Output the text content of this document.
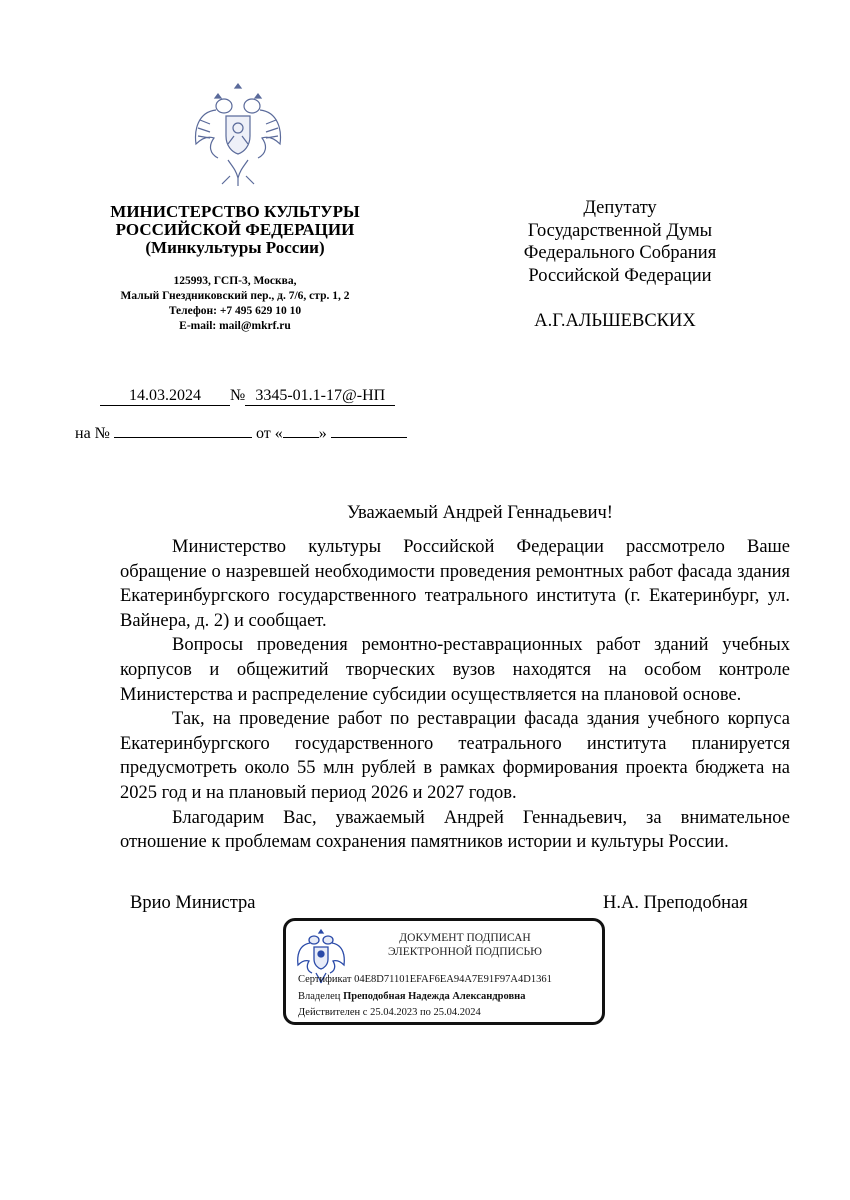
МИНИСТЕРСТВО КУЛЬТУРЫ
РОССИЙСКОЙ ФЕДЕРАЦИИ
(Минкультуры России)
125993, ГСП-3, Москва,
Малый Гнездниковский пер., д. 7/6, стр. 1, 2
Телефон: +7 495 629 10 10
E-mail: mail@mkrf.ru
Депутату
Государственной Думы
Федерального Собрания
Российской Федерации
А.Г.АЛЬШЕВСКИХ
14.03.2024 № 3345-01.1-17@-НП
на №	от « »
Уважаемый Андрей Геннадьевич!

Министерство культуры Российской Федерации рассмотрело Ваше обращение о назревшей необходимости проведения ремонтных работ фасада здания Екатеринбургского государственного театрального института (г. Екатеринбург, ул. Вайнера, д. 2) и сообщает.

Вопросы проведения ремонтно-реставрационных работ зданий учебных корпусов и общежитий творческих вузов находятся на особом контроле Министерства и распределение субсидии осуществляется на плановой основе.

Так, на проведение работ по реставрации фасада здания учебного корпуса Екатеринбургского государственного театрального института планируется предусмотреть около 55 млн рублей в рамках формирования проекта бюджета на 2025 год и на плановый период 2026 и 2027 годов.

Благодарим Вас, уважаемый Андрей Геннадьевич, за внимательное отношение к проблемам сохранения памятников истории и культуры России.

Врио Министра	Н.А. Преподобная
ДОКУМЕНТ ПОДПИСАН
ЭЛЕКТРОННОЙ ПОДПИСЬЮ
Сертификат 04E8D71101EFAF6EA94A7E91F97A4D1361
Владелец Преподобная Надежда Александровна
Действителен с 25.04.2023 по 25.04.2024
